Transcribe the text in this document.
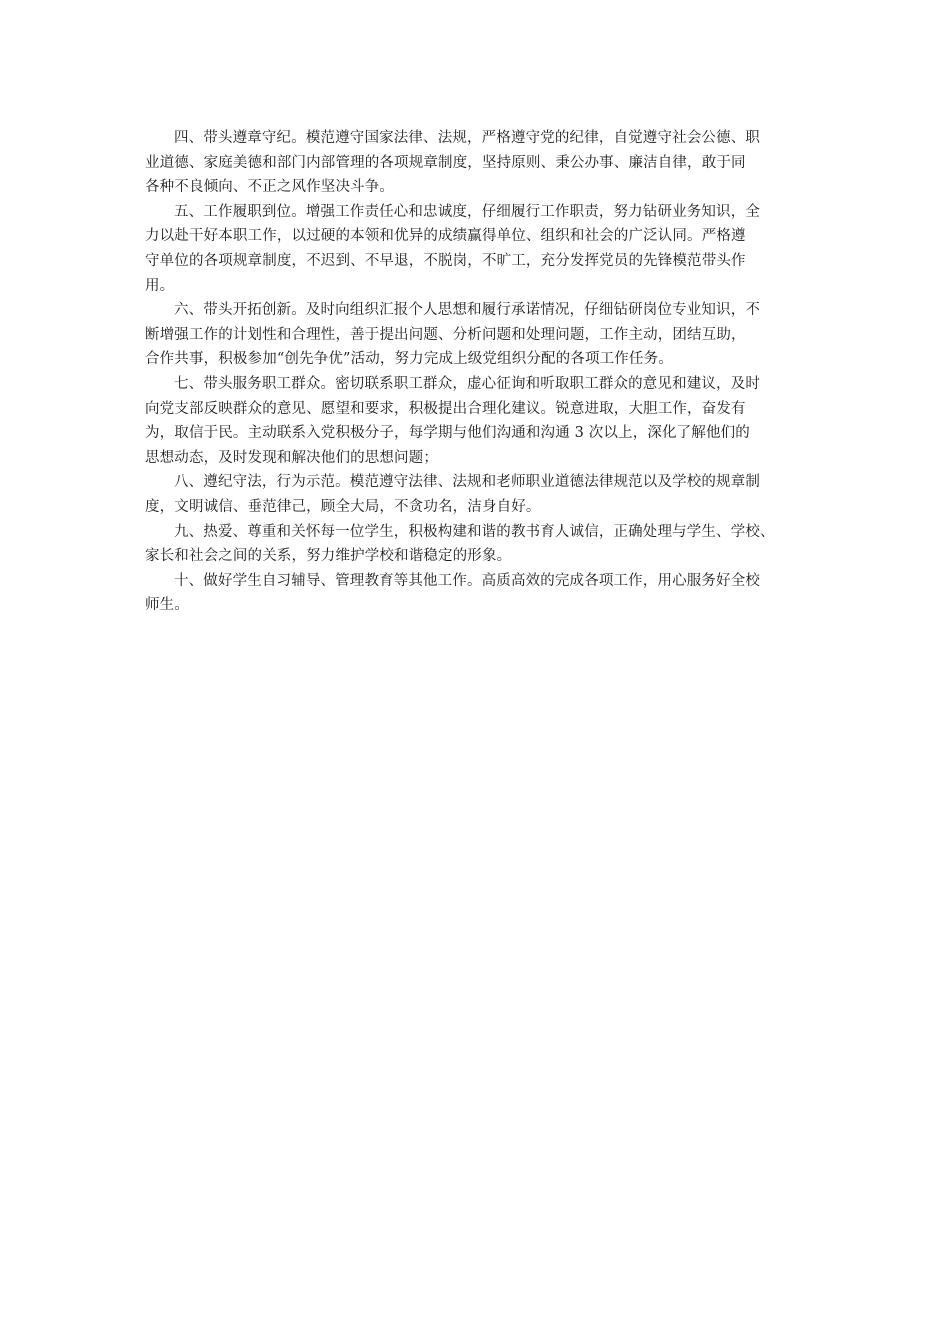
四、带头遵章守纪。模范遵守国家法律、法规，严格遵守党的纪律，自觉遵守社会公德、职
业道德、家庭美德和部门内部管理的各项规章制度，坚持原则、秉公办事、廉洁自律，敢于同
各种不良倾向、不正之风作坚决斗争。

五、工作履职到位。增强工作责任心和忠诚度，仔细履行工作职责，努力钻研业务知识，全
力以赴干好本职工作，以过硬的本领和优异的成绩赢得单位、组织和社会的广泛认同。严格遵
守单位的各项规章制度，不迟到、不早退，不脱岗，不旷工，充分发挥党员的先锋模范带头作
用。

六、带头开拓创新。及时向组织汇报个人思想和履行承诺情况，仔细钻研岗位专业知识，不
断增强工作的计划性和合理性，善于提出问题、分析问题和处理问题，工作主动，团结互助，
合作共事，积极参加“创先争优”活动，努力完成上级党组织分配的各项工作任务。

七、带头服务职工群众。密切联系职工群众，虚心征询和听取职工群众的意见和建议，及时
向党支部反映群众的意见、愿望和要求，积极提出合理化建议。锐意进取，大胆工作，奋发有
为，取信于民。主动联系入党积极分子，每学期与他们沟通和沟通 3 次以上，深化了解他们的
思想动态，及时发现和解决他们的思想问题；

八、遵纪守法，行为示范。模范遵守法律、法规和老师职业道德法律规范以及学校的规章制
度，文明诚信、垂范律己，顾全大局，不贪功名，洁身自好。

九、热爱、尊重和关怀每一位学生，积极构建和谐的教书育人诚信，正确处理与学生、学校、
家长和社会之间的关系，努力维护学校和谐稳定的形象。

十、做好学生自习辅导、管理教育等其他工作。高质高效的完成各项工作，用心服务好全校
师生。
